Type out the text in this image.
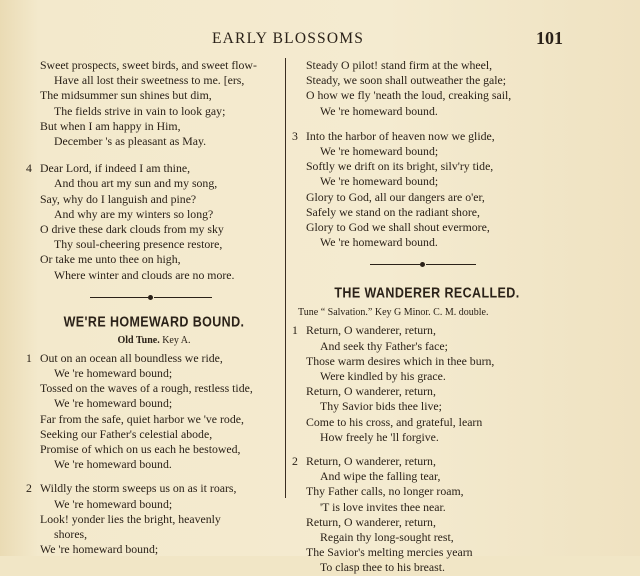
EARLY BLOSSOMS	101
Sweet prospects, sweet birds, and sweet flow-
Have all lost their sweetness to me. [ers,
The midsummer sun shines but dim,
The fields strive in vain to look gay;
But when I am happy in Him,
December 's as pleasant as May.
4 Dear Lord, if indeed I am thine,
And thou art my sun and my song,
Say, why do I languish and pine?
And why are my winters so long?
O drive these dark clouds from my sky
Thy soul-cheering presence restore,
Or take me unto thee on high,
Where winter and clouds are no more.
WE'RE HOMEWARD BOUND.
Old Tune. Key A.
1 Out on an ocean all boundless we ride,
We 're homeward bound;
Tossed on the waves of a rough, restless tide,
We 're homeward bound;
Far from the safe, quiet harbor we 've rode,
Seeking our Father's celestial abode,
Promise of which on us each he bestowed,
We 're homeward bound.
2 Wildly the storm sweeps us on as it roars,
We 're homeward bound;
Look! yonder lies the bright, heavenly
shores,
We 're homeward bound;
Steady O pilot! stand firm at the wheel,
Steady, we soon shall outweather the gale;
O how we fly 'neath the loud, creaking sail,
We 're homeward bound.
3 Into the harbor of heaven now we glide,
We 're homeward bound;
Softly we drift on its bright, silv'ry tide,
We 're homeward bound;
Glory to God, all our dangers are o'er,
Safely we stand on the radiant shore,
Glory to God we shall shout evermore,
We 're homeward bound.
THE WANDERER RECALLED.
Tune “ Salvation.” Key G Minor. C. M. double.
1 Return, O wanderer, return,
And seek thy Father's face;
Those warm desires which in thee burn,
Were kindled by his grace.
Return, O wanderer, return,
Thy Savior bids thee live;
Come to his cross, and grateful, learn
How freely he 'll forgive.
2 Return, O wanderer, return,
And wipe the falling tear,
Thy Father calls, no longer roam,
'T is love invites thee near.
Return, O wanderer, return,
Regain thy long-sought rest,
The Savior's melting mercies yearn
To clasp thee to his breast.
